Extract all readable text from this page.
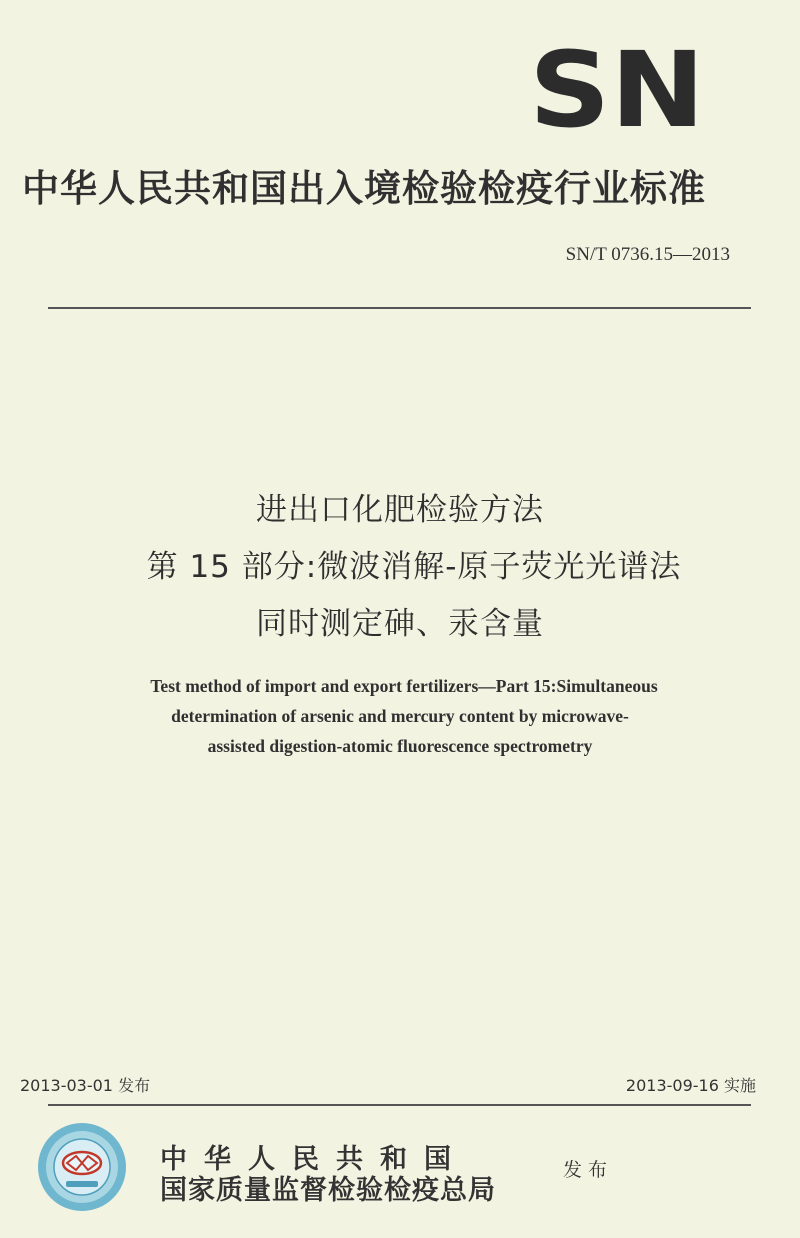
SN
中华人民共和国出入境检验检疫行业标准
SN/T 0736.15—2013
进出口化肥检验方法
第 15 部分:微波消解-原子荧光光谱法
同时测定砷、汞含量
Test method of import and export fertilizers—Part 15:Simultaneous
determination of arsenic and mercury content by microwave-
assisted digestion-atomic fluorescence spectrometry
2013-03-01 发布	2013-09-16 实施
中华人民共和国
国家质量监督检验检疫总局
发布
